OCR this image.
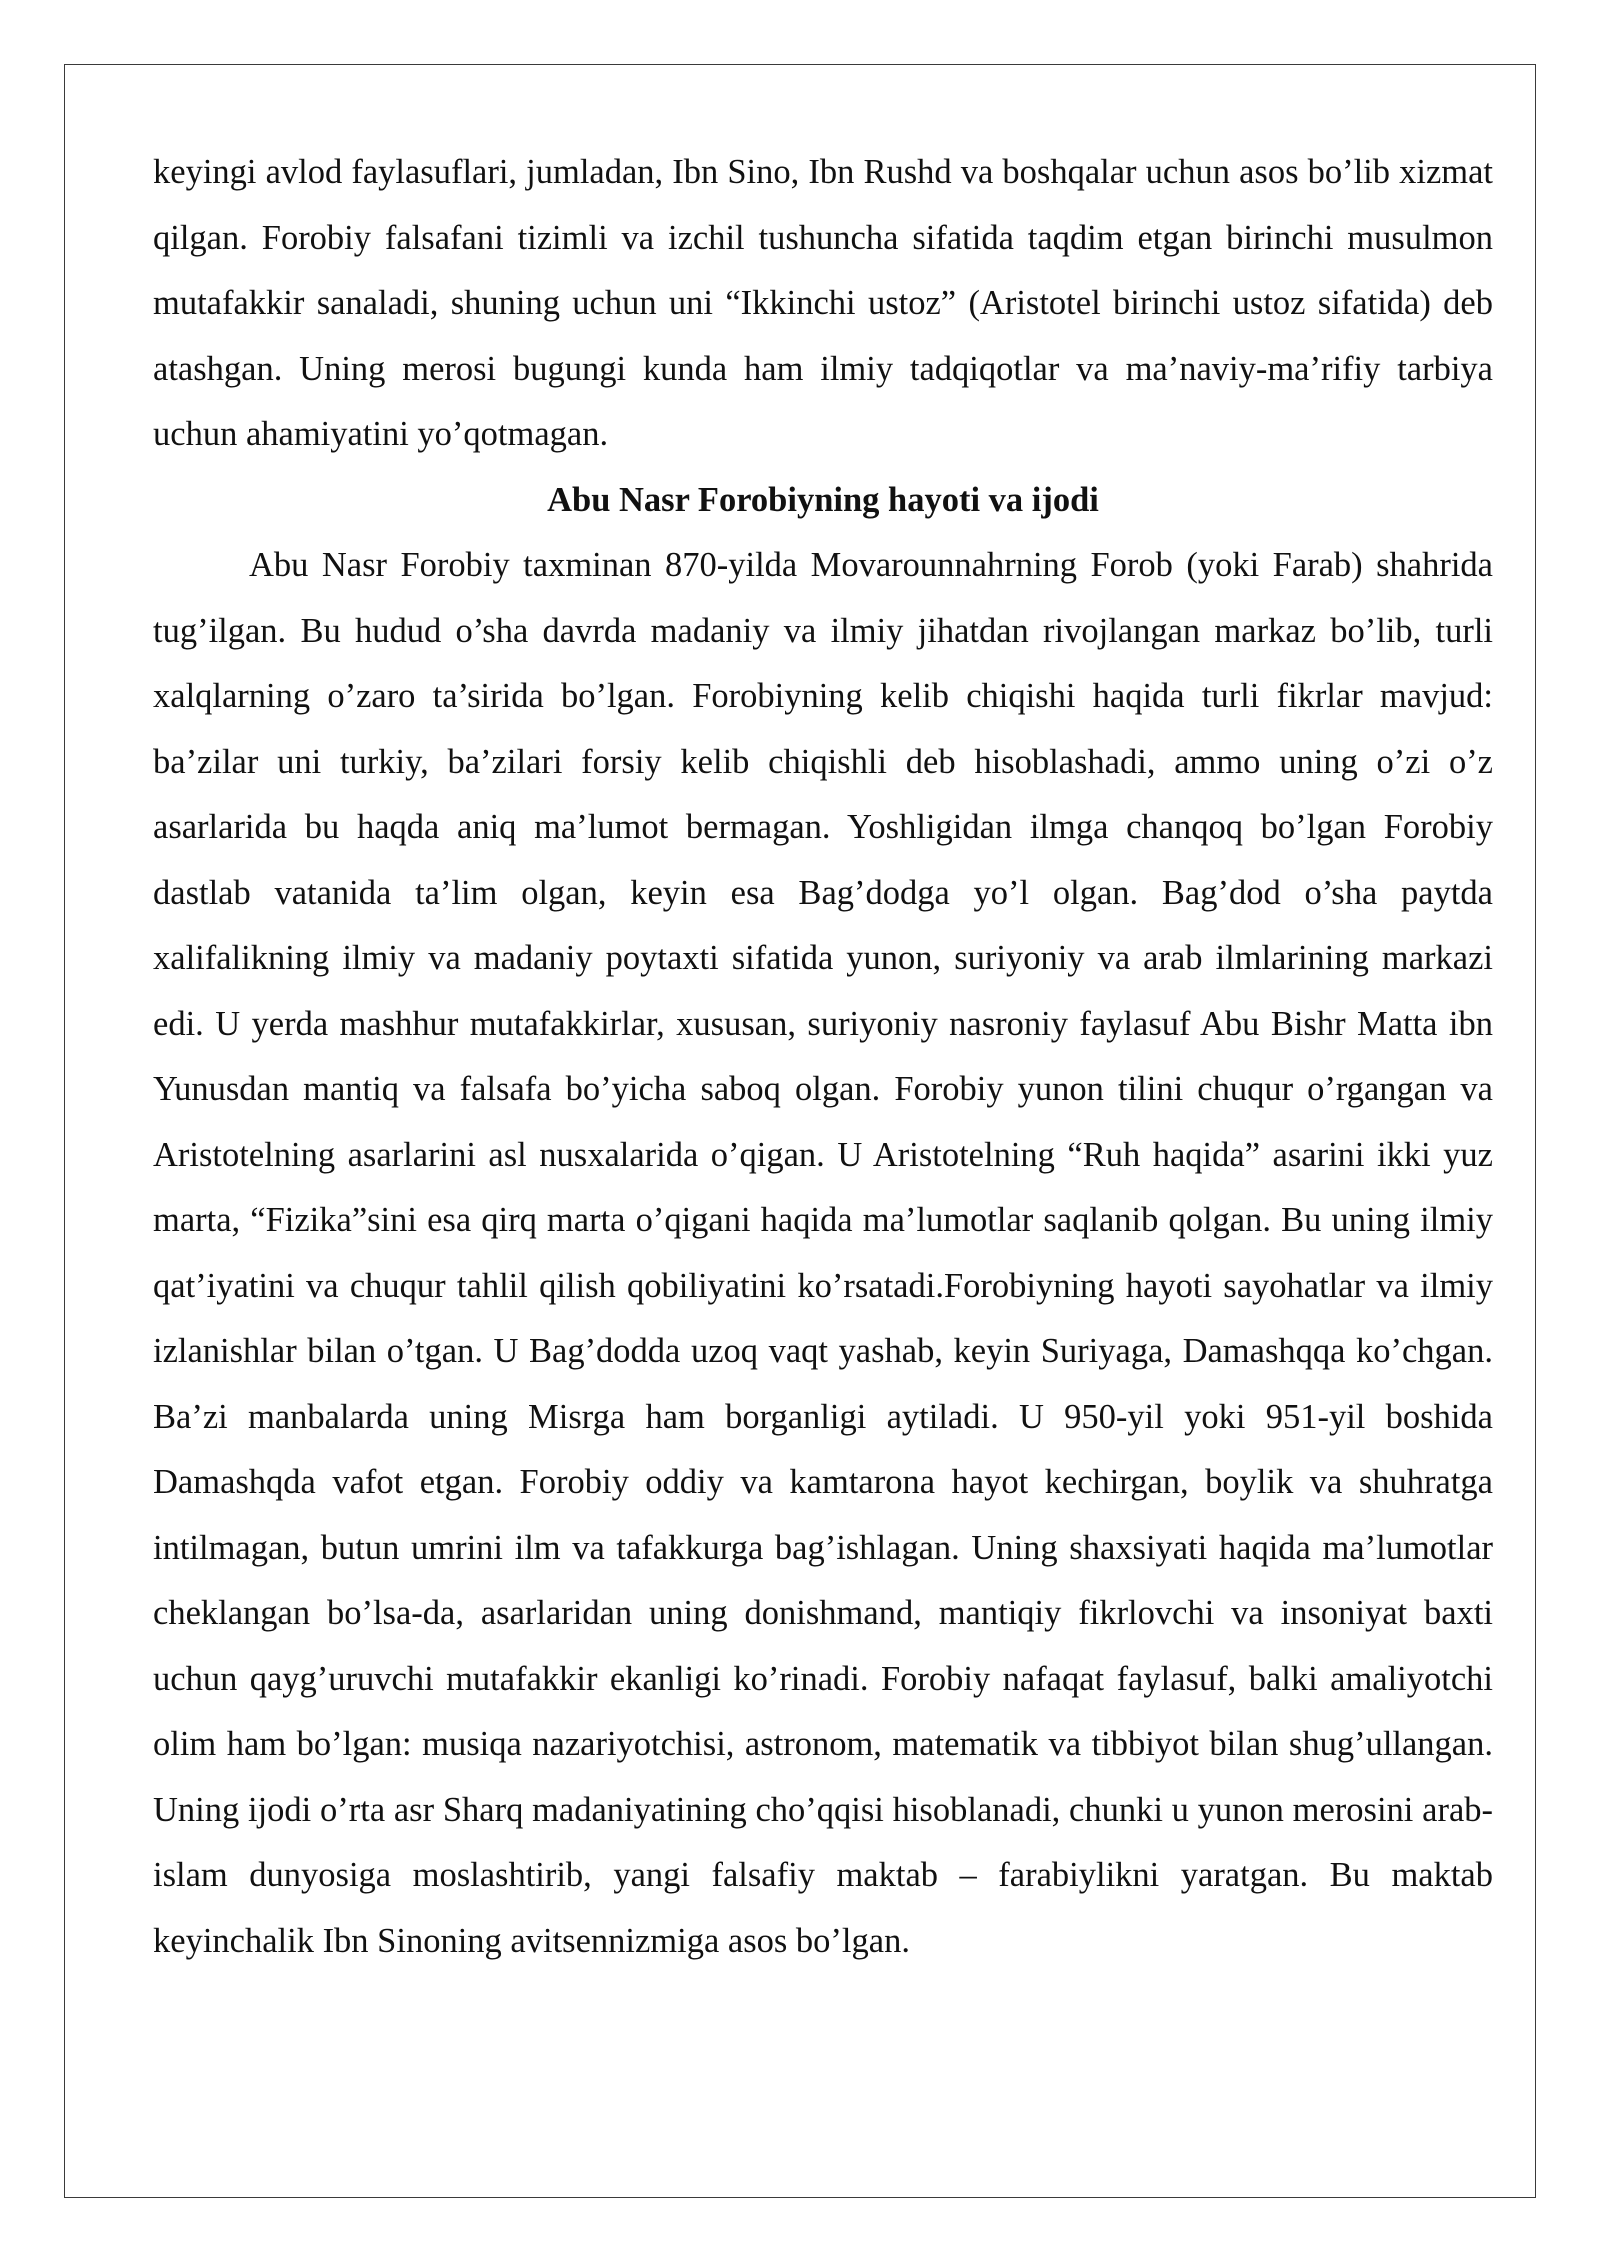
keyingi avlod faylasuflari, jumladan, Ibn Sino, Ibn Rushd va boshqalar uchun asos bo’lib xizmat qilgan. Forobiy falsafani tizimli va izchil tushuncha sifatida taqdim etgan birinchi musulmon mutafakkir sanaladi, shuning uchun uni “Ikkinchi ustoz” (Aristotel birinchi ustoz sifatida) deb atashgan. Uning merosi bugungi kunda ham ilmiy tadqiqotlar va ma’naviy-ma’rifiy tarbiya uchun ahamiyatini yo’qotmagan.

Abu Nasr Forobiyning hayoti va ijodi

Abu Nasr Forobiy taxminan 870-yilda Movarounnahrning Forob (yoki Farab) shahrida tug’ilgan. Bu hudud o’sha davrda madaniy va ilmiy jihatdan rivojlangan markaz bo’lib, turli xalqlarning o’zaro ta’sirida bo’lgan. Forobiyning kelib chiqishi haqida turli fikrlar mavjud: ba’zilar uni turkiy, ba’zilari forsiy kelib chiqishli deb hisoblashadi, ammo uning o’zi o’z asarlarida bu haqda aniq ma’lumot bermagan. Yoshligidan ilmga chanqoq bo’lgan Forobiy dastlab vatanida ta’lim olgan, keyin esa Bag’dodga yo’l olgan. Bag’dod o’sha paytda xalifalikning ilmiy va madaniy poytaxti sifatida yunon, suriyoniy va arab ilmlarining markazi edi. U yerda mashhur mutafakkirlar, xususan, suriyoniy nasroniy faylasuf Abu Bishr Matta ibn Yunusdan mantiq va falsafa bo’yicha saboq olgan. Forobiy yunon tilini chuqur o’rgangan va Aristotelning asarlarini asl nusxalarida o’qigan. U Aristotelning “Ruh haqida” asarini ikki yuz marta, “Fizika”sini esa qirq marta o’qigani haqida ma’lumotlar saqlanib qolgan. Bu uning ilmiy qat’iyatini va chuqur tahlil qilish qobiliyatini ko’rsatadi.Forobiyning hayoti sayohatlar va ilmiy izlanishlar bilan o’tgan. U Bag’dodda uzoq vaqt yashab, keyin Suriyaga, Damashqqa ko’chgan. Ba’zi manbalarda uning Misrga ham borganligi aytiladi. U 950-yil yoki 951-yil boshida Damashqda vafot etgan. Forobiy oddiy va kamtarona hayot kechirgan, boylik va shuhratga intilmagan, butun umrini ilm va tafakkurga bag’ishlagan. Uning shaxsiyati haqida ma’lumotlar cheklangan bo’lsa-da, asarlaridan uning donishmand, mantiqiy fikrlovchi va insoniyat baxti uchun qayg’uruvchi mutafakkir ekanligi ko’rinadi. Forobiy nafaqat faylasuf, balki amaliyotchi olim ham bo’lgan: musiqa nazariyotchisi, astronom, matematik va tibbiyot bilan shug’ullangan. Uning ijodi o’rta asr Sharq madaniyatining cho’qqisi hisoblanadi, chunki u yunon merosini arab-islam dunyosiga moslashtirib, yangi falsafiy maktab – farabiylikni yaratgan. Bu maktab keyinchalik Ibn Sinoning avitsennizmiga asos bo’lgan.
